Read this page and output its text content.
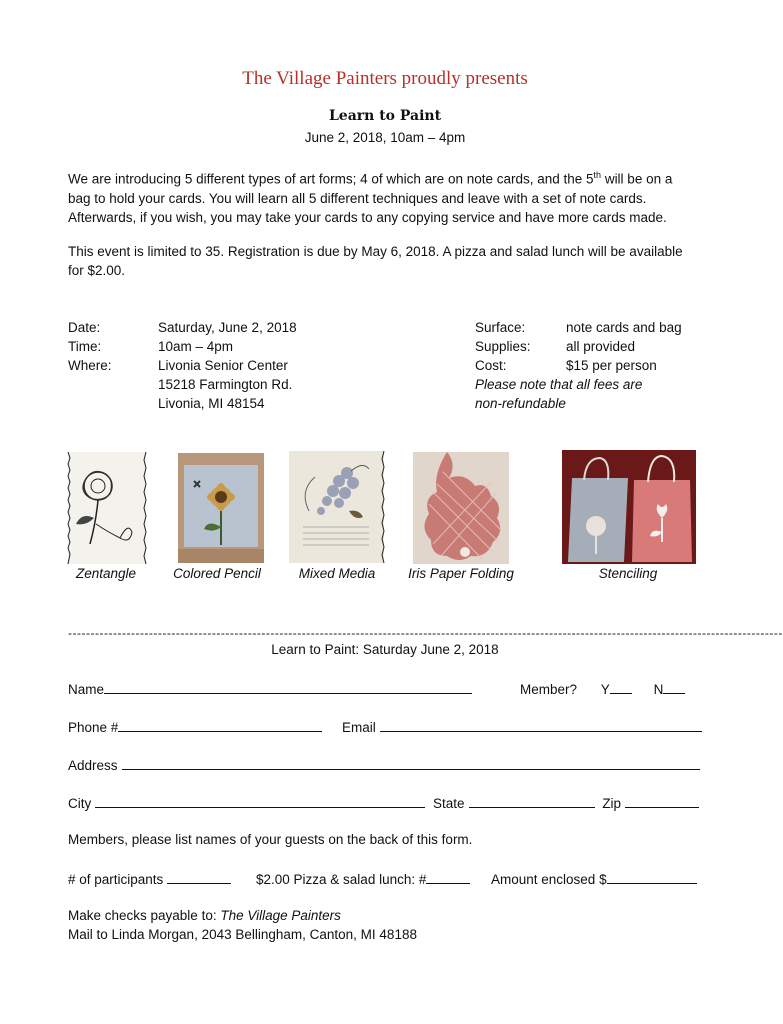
The Village Painters proudly presents
Learn to Paint
June 2, 2018, 10am – 4pm
We are introducing 5 different types of art forms; 4 of which are on note cards, and the 5th will be on a
bag to hold your cards. You will learn all 5 different techniques and leave with a set of note cards.
Afterwards, if you wish, you may take your cards to any copying service and have more cards made.
This event is limited to 35. Registration is due by May 6, 2018. A pizza and salad lunch will be available
for $2.00.
Date:	Saturday, June 2, 2018
Time:	10am – 4pm
Where:	Livonia Senior Center
15218 Farmington Rd.
Livonia, MI 48154
Surface:	note cards and bag
Supplies:	all provided
Cost:	$15 per person
Please note that all fees are
non-refundable
Zentangle	Colored Pencil	Mixed Media	Iris Paper Folding	Stenciling
---------------------------------------------------------------------------------------------------------------------------------------------------------------
Learn to Paint: Saturday June 2, 2018
Name	Member? Y	N
Phone #	Email
Address
City	State	Zip
Members, please list names of your guests on the back of this form.
# of participants	$2.00 Pizza & salad lunch: #	Amount enclosed $
Make checks payable to: The Village Painters
Mail to Linda Morgan, 2043 Bellingham, Canton, MI 48188
